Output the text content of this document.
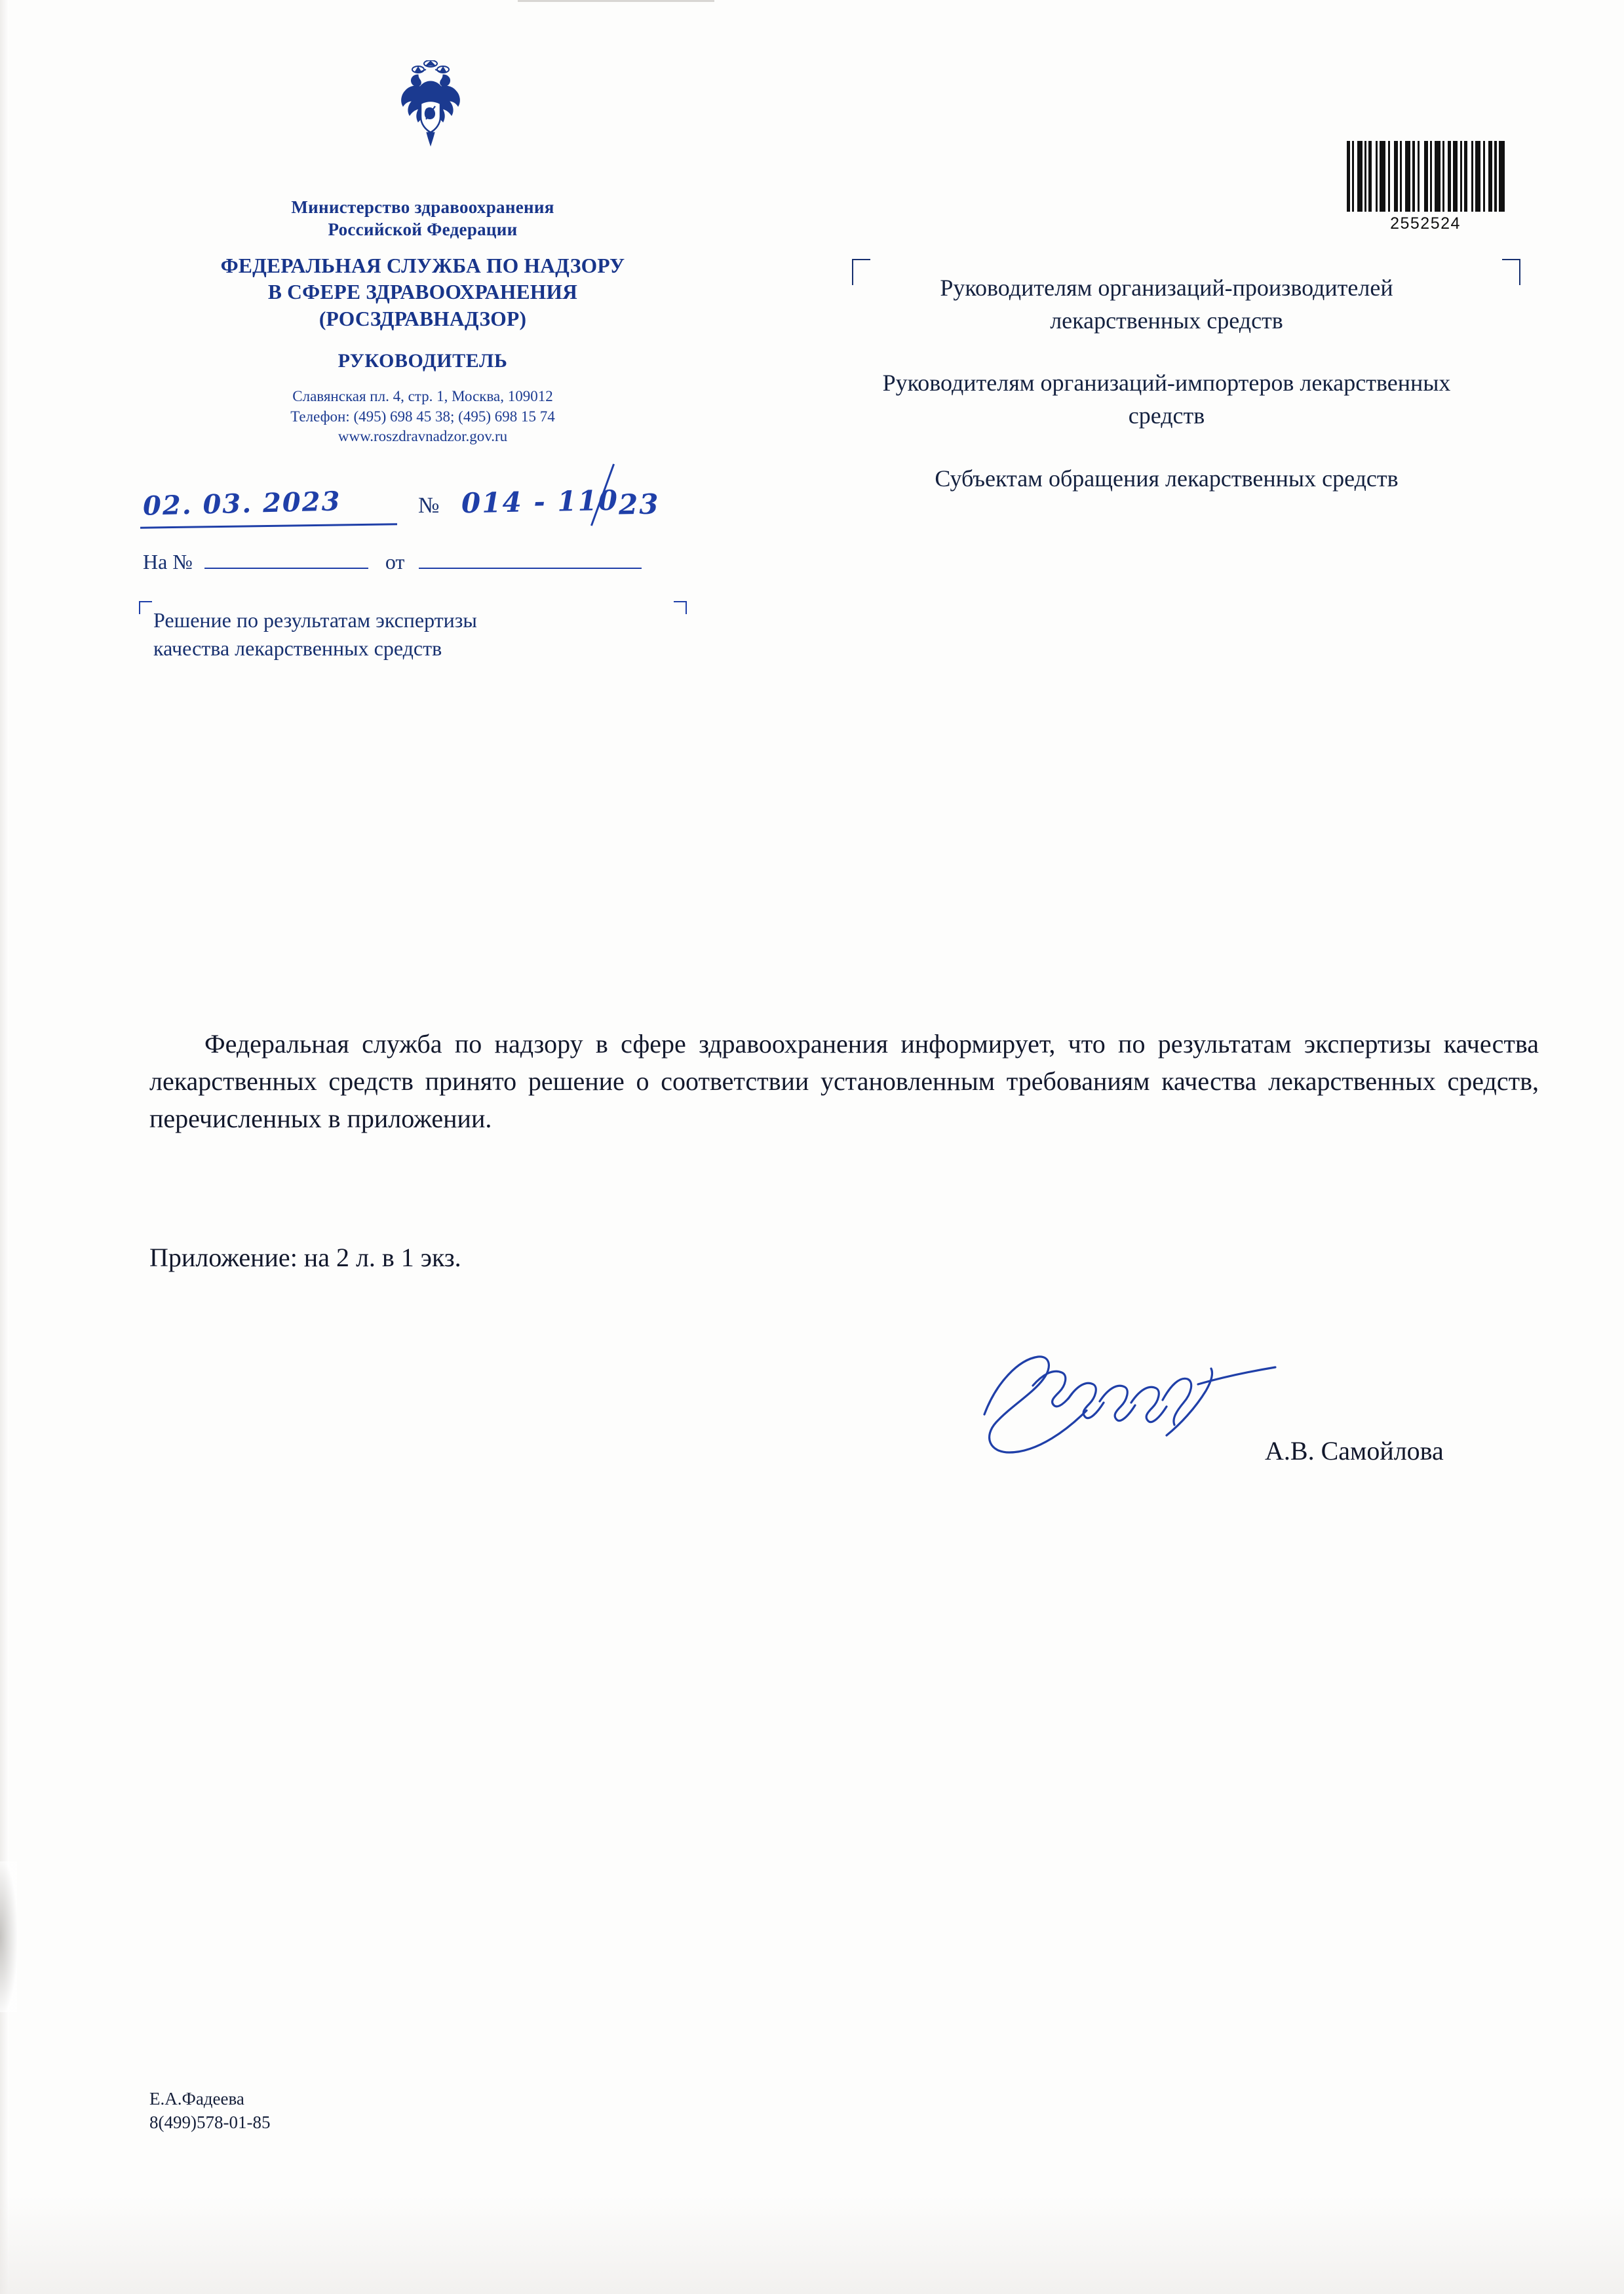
Министерство здравоохранения
Российской Федерации
ФЕДЕРАЛЬНАЯ СЛУЖБА ПО НАДЗОРУ
В СФЕРЕ ЗДРАВООХРАНЕНИЯ
(РОСЗДРАВНАДЗОР)
РУКОВОДИТЕЛЬ
Славянская пл. 4, стр. 1, Москва, 109012
Телефон: (495) 698 45 38; (495) 698 15 74
www.roszdravnadzor.gov.ru
02. 03. 2023	№ 014 - 110 23
На №	от
Решение по результатам экспертизы
качества лекарственных средств
2552524
Руководителям организаций-производителей лекарственных средств
Руководителям организаций-импортеров лекарственных средств
Субъектам обращения лекарственных средств

Федеральная служба по надзору в сфере здравоохранения информирует, что по результатам экспертизы качества лекарственных средств принято решение о соответствии установленным требованиям качества лекарственных средств, перечисленных в приложении.

Приложение: на 2 л. в 1 экз.
А.В. Самойлова
Е.А.Фадеева
8(499)578-01-85
